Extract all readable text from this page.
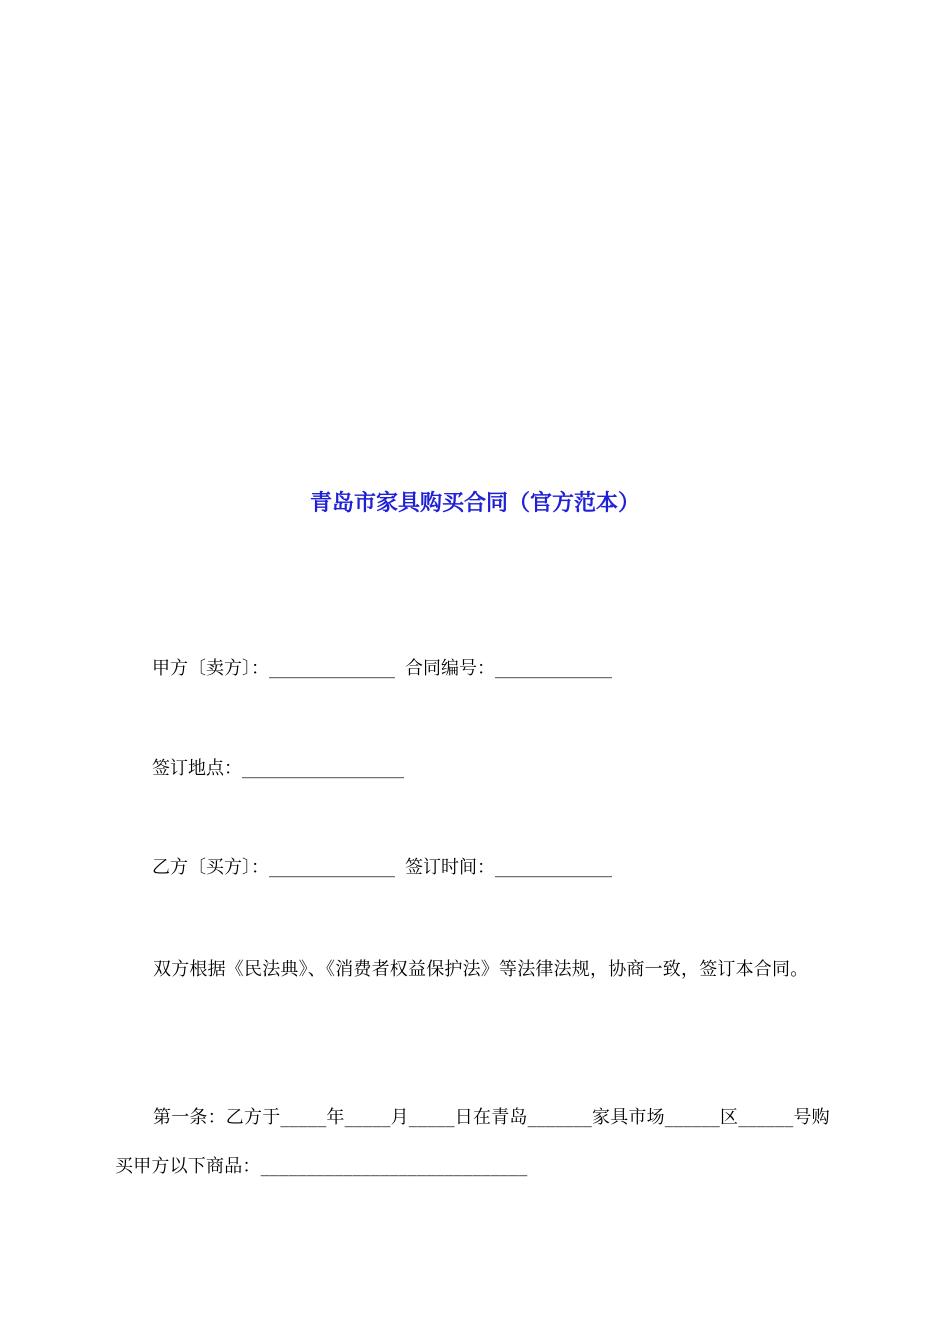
青岛市家具购买合同（官方范本）
甲方〔卖方〕：______________ 合同编号：_____________
签订地点：__________________
乙方〔买方〕：______________ 签订时间：_____________
双方根据《民法典》、《消费者权益保护法》等法律法规，协商一致，签订本合同。
第一条：乙方于_____年_____月_____日在青岛_______家具市场______区______号购买甲方以下商品：_____________________________
